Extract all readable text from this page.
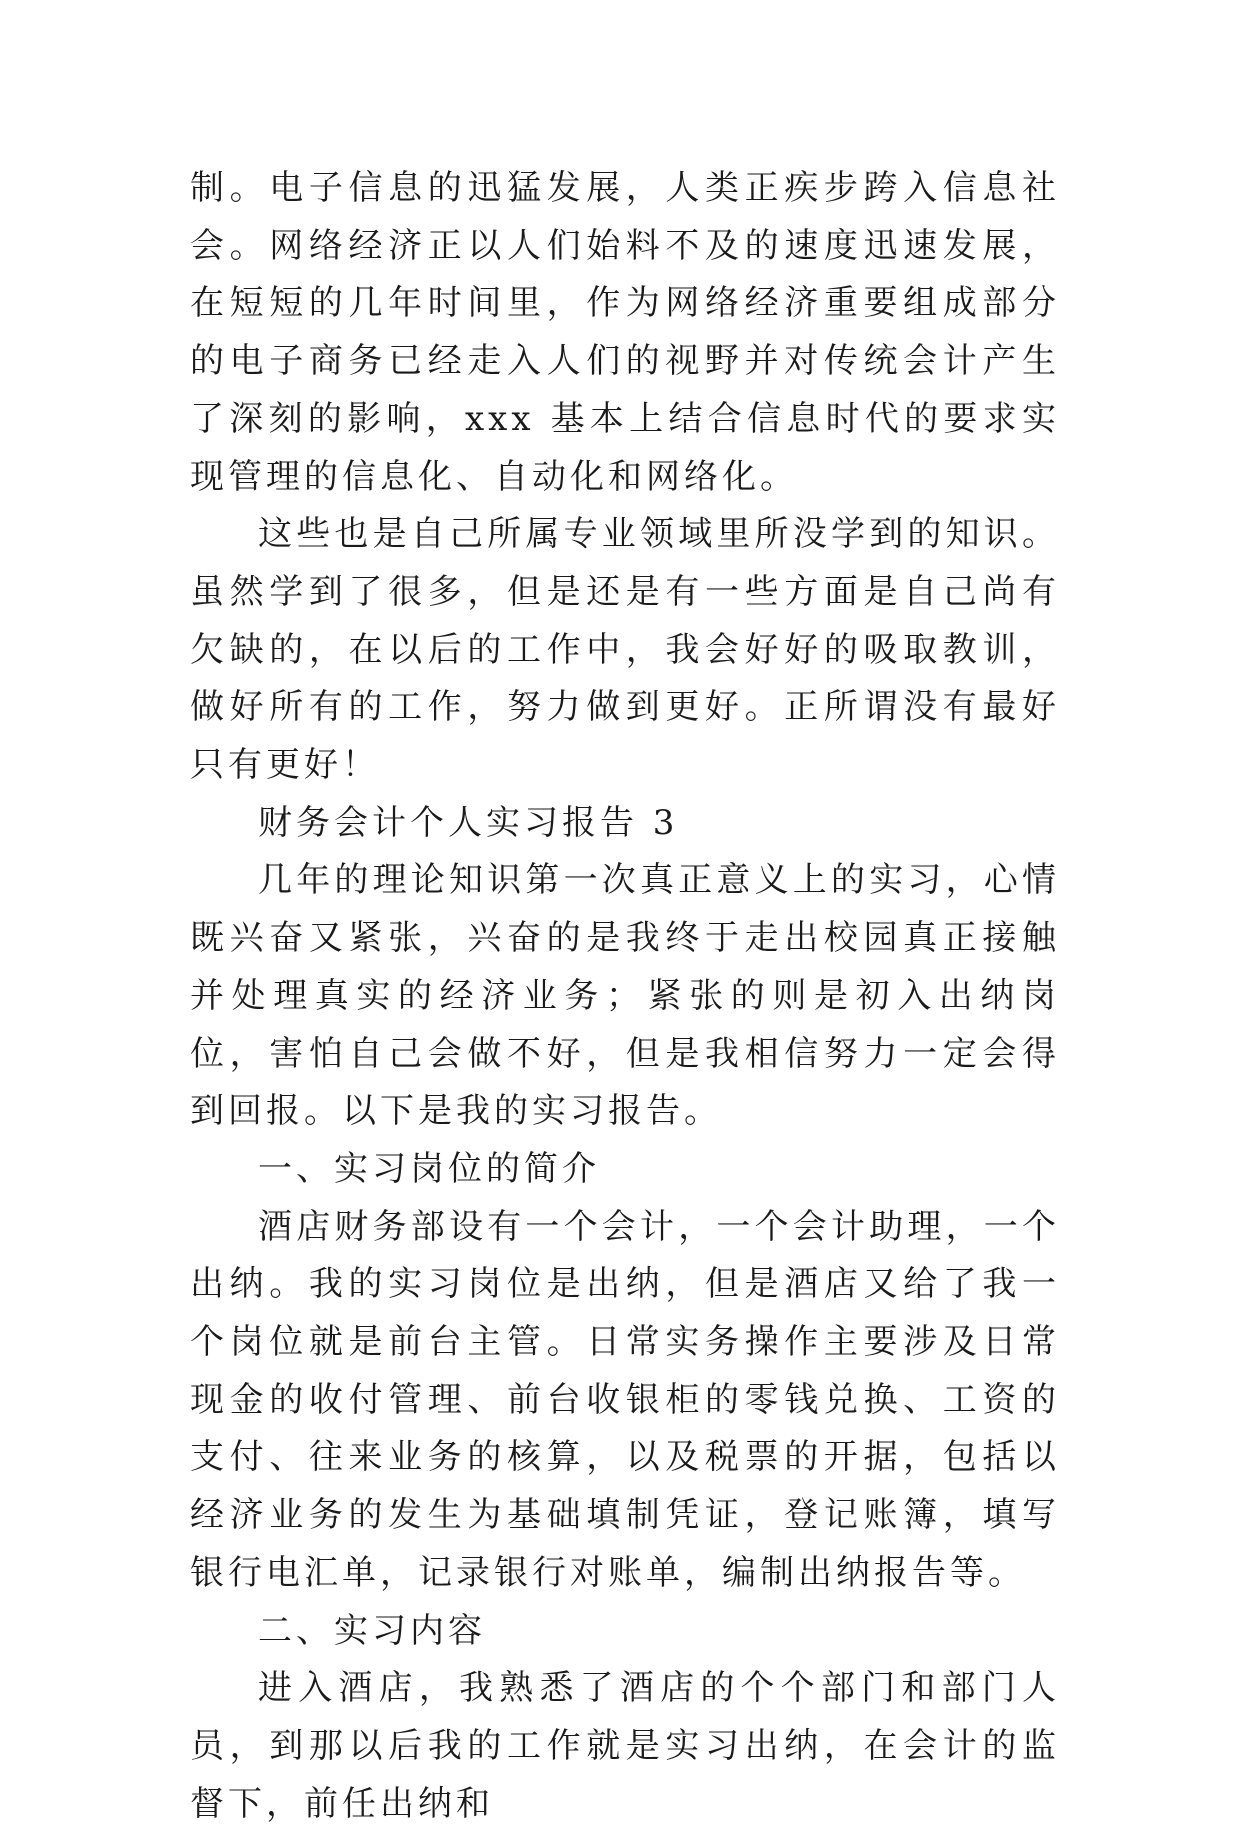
制。电子信息的迅猛发展，人类正疾步跨入信息社会。网络经济正以人们始料不及的速度迅速发展，在短短的几年时间里，作为网络经济重要组成部分的电子商务已经走入人们的视野并对传统会计产生了深刻的影响，xxx 基本上结合信息时代的要求实现管理的信息化、自动化和网络化。

这些也是自己所属专业领域里所没学到的知识。虽然学到了很多，但是还是有一些方面是自己尚有欠缺的，在以后的工作中，我会好好的吸取教训，做好所有的工作，努力做到更好。正所谓没有最好只有更好！

财务会计个人实习报告 3

几年的理论知识第一次真正意义上的实习，心情既兴奋又紧张，兴奋的是我终于走出校园真正接触并处理真实的经济业务；紧张的则是初入出纳岗位，害怕自己会做不好，但是我相信努力一定会得到回报。以下是我的实习报告。

一、实习岗位的简介

酒店财务部设有一个会计，一个会计助理，一个出纳。我的实习岗位是出纳，但是酒店又给了我一个岗位就是前台主管。日常实务操作主要涉及日常现金的收付管理、前台收银柜的零钱兑换、工资的支付、往来业务的核算，以及税票的开据，包括以经济业务的发生为基础填制凭证，登记账簿，填写银行电汇单，记录银行对账单，编制出纳报告等。

二、实习内容

进入酒店，我熟悉了酒店的个个部门和部门人员，到那以后我的工作就是实习出纳，在会计的监督下，前任出纳和
